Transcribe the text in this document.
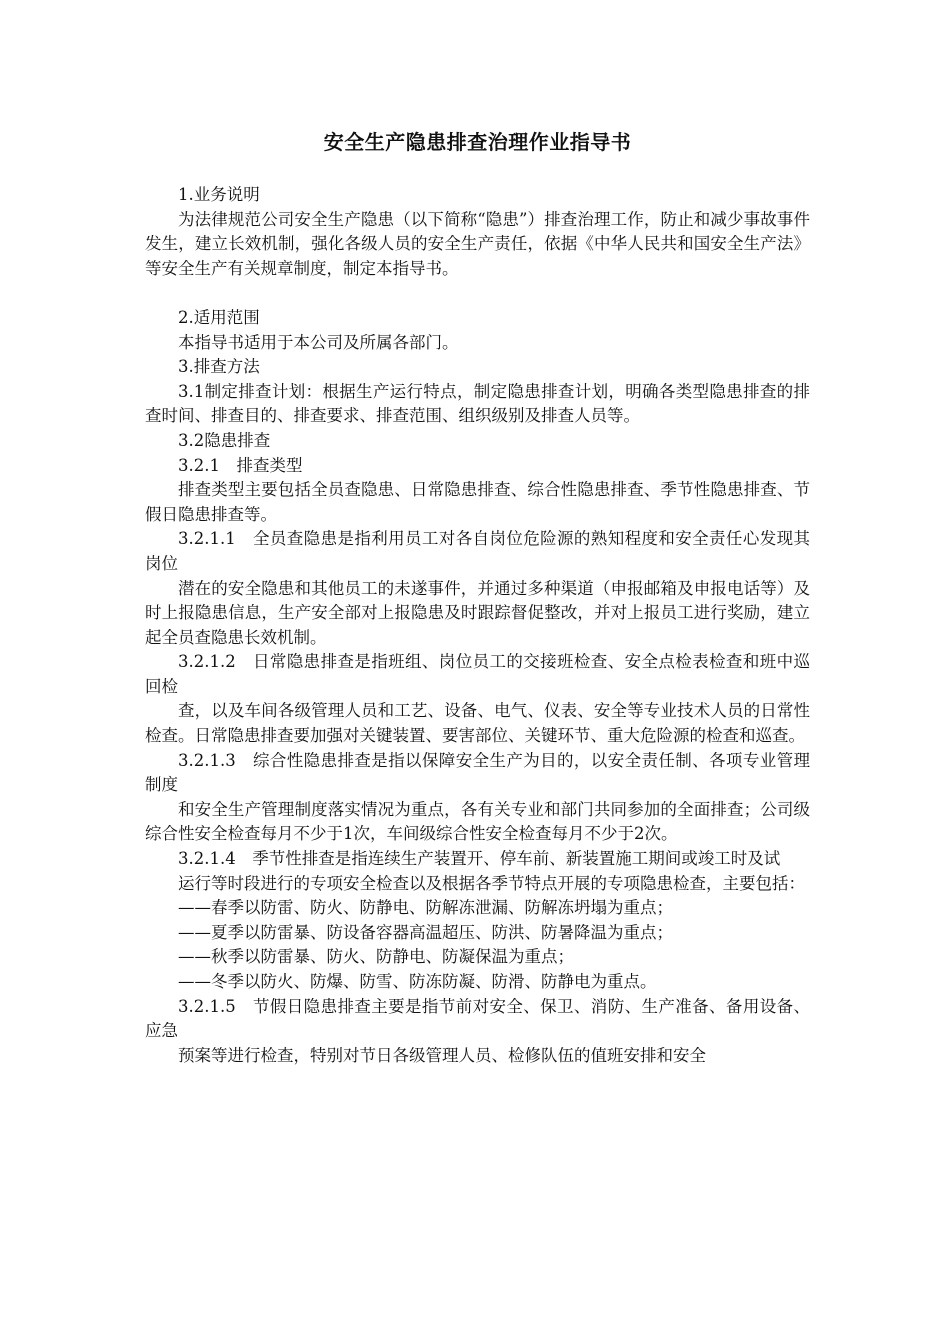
安全生产隐患排查治理作业指导书

1.业务说明

为法律规范公司安全生产隐患（以下简称“隐患”）排查治理工作，防止和减少事故事件发生，建立长效机制，强化各级人员的安全生产责任，依据《中华人民共和国安全生产法》等安全生产有关规章制度，制定本指导书。

2.适用范围

本指导书适用于本公司及所属各部门。

3.排查方法

3.1制定排查计划：根据生产运行特点，制定隐患排查计划，明确各类型隐患排查的排查时间、排查目的、排查要求、排查范围、组织级别及排查人员等。

3.2隐患排查

3.2.1　排查类型

排查类型主要包括全员查隐患、日常隐患排查、综合性隐患排查、季节性隐患排查、节假日隐患排查等。

3.2.1.1　全员查隐患是指利用员工对各自岗位危险源的熟知程度和安全责任心发现其岗位

潜在的安全隐患和其他员工的未遂事件，并通过多种渠道（申报邮箱及申报电话等）及时上报隐患信息，生产安全部对上报隐患及时跟踪督促整改，并对上报员工进行奖励，建立起全员查隐患长效机制。

3.2.1.2　日常隐患排查是指班组、岗位员工的交接班检查、安全点检表检查和班中巡回检

查，以及车间各级管理人员和工艺、设备、电气、仪表、安全等专业技术人员的日常性检查。日常隐患排查要加强对关键装置、要害部位、关键环节、重大危险源的检查和巡查。

3.2.1.3　综合性隐患排查是指以保障安全生产为目的，以安全责任制、各项专业管理制度

和安全生产管理制度落实情况为重点，各有关专业和部门共同参加的全面排查；公司级综合性安全检查每月不少于1次，车间级综合性安全检查每月不少于2次。

3.2.1.4　季节性排查是指连续生产装置开、停车前、新装置施工期间或竣工时及试

运行等时段进行的专项安全检查以及根据各季节特点开展的专项隐患检查，主要包括：

——春季以防雷、防火、防静电、防解冻泄漏、防解冻坍塌为重点；

——夏季以防雷暴、防设备容器高温超压、防洪、防暑降温为重点；

——秋季以防雷暴、防火、防静电、防凝保温为重点；

——冬季以防火、防爆、防雪、防冻防凝、防滑、防静电为重点。

3.2.1.5　节假日隐患排查主要是指节前对安全、保卫、消防、生产准备、备用设备、应急

预案等进行检查，特别对节日各级管理人员、检修队伍的值班安排和安全
